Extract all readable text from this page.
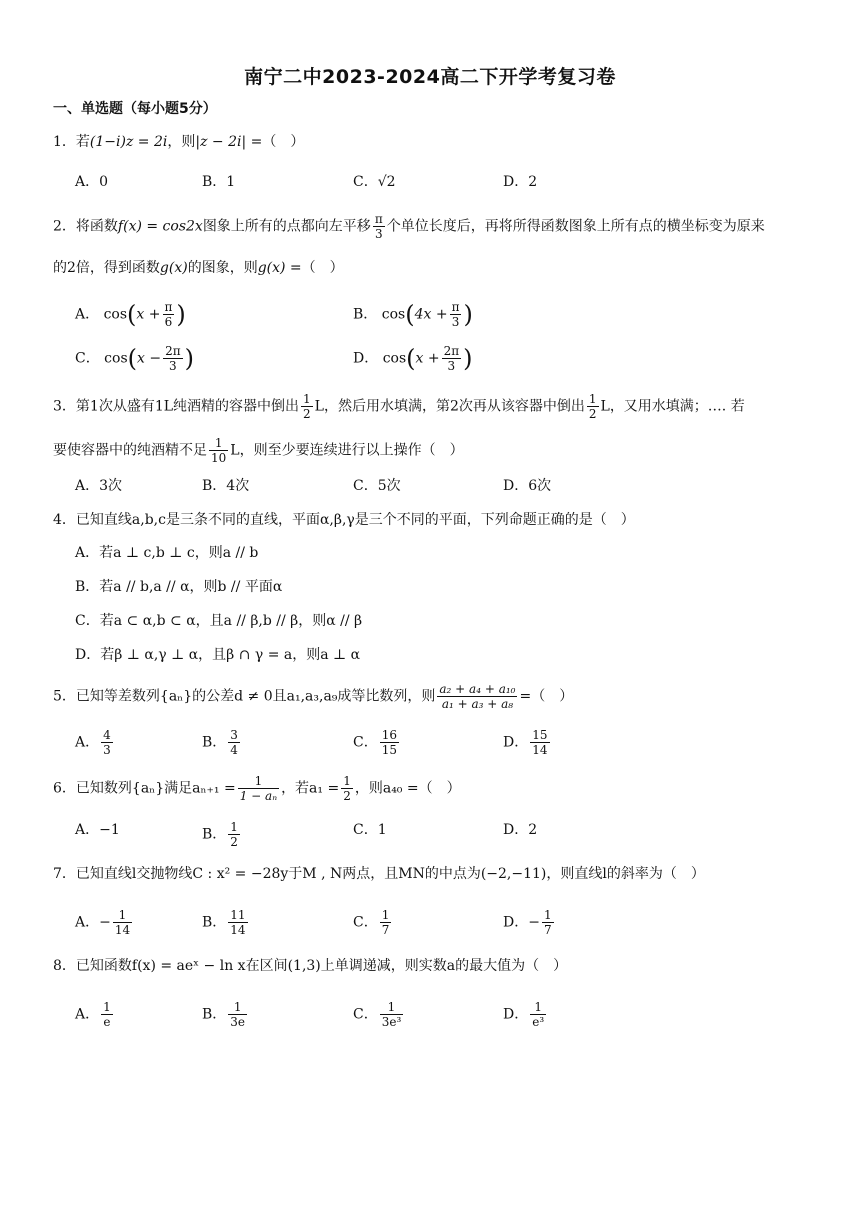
南宁二中2023-2024高二下开学考复习卷
一、单选题（每小题5分）
1．若(1−i)z = 2i，则|z − 2i| =（　）
A．0	B．1	C．√2	D．2
2．将函数f(x) = cos2x图象上所有的点都向左平移 $\frac{\pi}{3}$ 个单位长度后，再将所得函数图象上所有点的横坐标变为原来
的2倍，得到函数g(x)的图象，则g(x) =（　）
A． $\cos(x + \frac{\pi}{6}$ )	B． $\cos(4x + \frac{\pi}{3}$ )
C． $\cos(x - \frac{2\pi}{3}$ )	D． $\cos(x + \frac{2\pi}{3}$ )
3．第1次从盛有1L纯酒精的容器中倒出 $\frac{1}{2}$ L，然后用水填满，第2次再从该容器中倒出 $\frac{1}{2}$ L，又用水填满；…. 若
要使容器中的纯酒精不足 $\frac{1}{10}$ L，则至少要连续进行以上操作（　）
A．3次	B．4次	C．5次	D．6次
4．已知直线a,b,c是三条不同的直线，平面α,β,γ是三个不同的平面，下列命题正确的是（　）
A．若a ⊥ c,b ⊥ c，则a // b
B．若a // b,a // α，则b // 平面α
C．若a ⊂ α,b ⊂ α，且a // β,b // β，则α // β
D．若β ⊥ α,γ ⊥ α，且β ∩ γ = a，则a ⊥ α
5．已知等差数列{aₙ}的公差d ≠ 0且a₁,a₃,a₉成等比数列，则 $\frac{\text{a₂ + a₄ + a₁₀}}{\text{a₁ + a₃ + a₈}}$ =（　）
A． $\frac{4}{3}$	B． $\frac{3}{4}$	C． $\frac{16}{15}$	D． $\frac{15}{14}$
6．已知数列{aₙ}满足$a_{n+1} = \frac{1}{\text{1 − aₙ}}$ ，若$a_1 = \frac{1}{2}$ ，则a₄₀ =（　）
A．−1	B． $\frac{1}{2}$	C．1	D．2
7．已知直线l交抛物线C : x² = −28y于M , N两点，且MN的中点为(−2,−11)，则直线l的斜率为（　）
A．− $\frac{1}{14}$	B． $\frac{11}{14}$	C． $\frac{1}{7}$	D．− $\frac{1}{7}$
8．已知函数f(x) = aeˣ − ln x在区间(1,3)上单调递减，则实数a的最大值为（　）
A． $\frac{1}{e}$	B． $\frac{1}{3e}$	C． $\frac{1}{\text{3e³}}$	D． $\frac{1}{\text{e³}}$
